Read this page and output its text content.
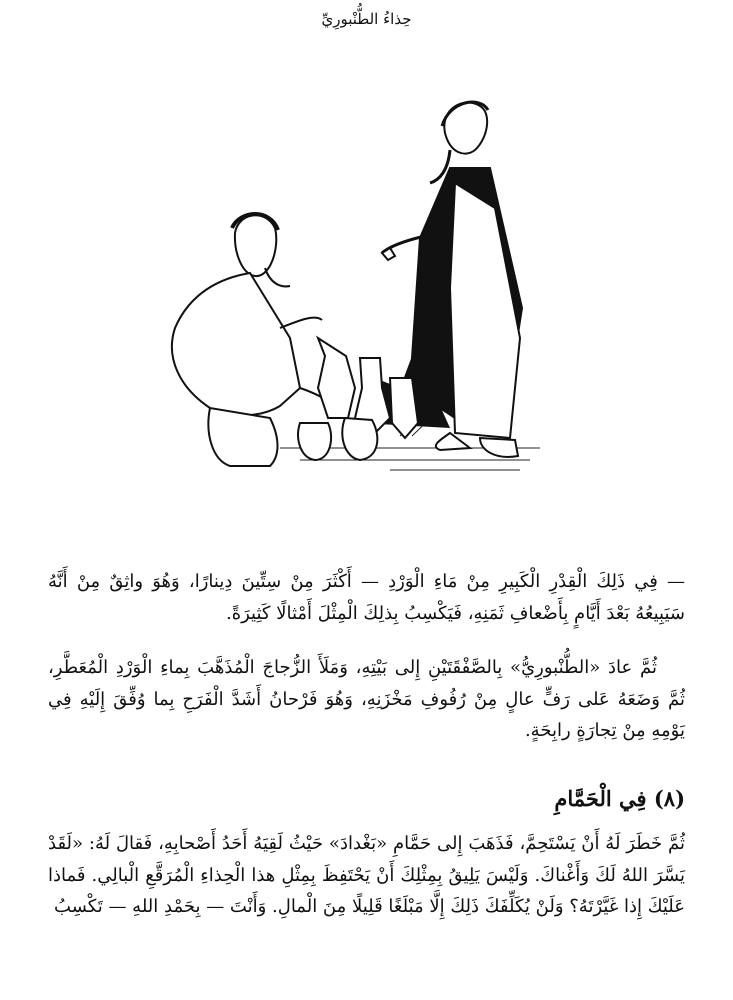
حِذاءُ الطُّنْبورِيِّ

— فِي ذَلِكَ الْقِدْرِ الْكَبِيرِ مِنْ مَاءِ الْوَرْدِ — أَكْثَرَ مِنْ سِتِّينَ دِينارًا، وَهُوَ واثِقٌ مِنْ أَنَّهُ سَيَبِيعُهُ بَعْدَ أَيَّامٍ بِأَضْعافِ ثَمَنِهِ، فَيَكْسِبُ بِذلِكَ الْمِثْلَ أَمْثالًا كَثِيرَةً.

ثُمَّ عادَ «الطُّنْبورِيُّ» بِالصَّفْقَتَيْنِ إِلى بَيْتِهِ، وَمَلَأَ الزُّجاجَ الْمُذَهَّبَ بِماءِ الْوَرْدِ الْمُعَطَّرِ، ثُمَّ وَضَعَهُ عَلى رَفٍّ عالٍ مِنْ رُفُوفِ مَخْزَنِهِ، وَهُوَ فَرْحانُ أَشَدَّ الْفَرَحِ بِما وُفِّقَ إِلَيْهِ فِي يَوْمِهِ مِنْ تِجارَةٍ رابِحَةٍ.

(٨) فِي الْحَمَّامِ

ثُمَّ خَطَرَ لَهُ أَنْ يَسْتَحِمَّ، فَذَهَبَ إِلى حَمَّامِ «بَغْدادَ» حَيْثُ لَقِيَهُ أَحَدُ أَصْحابِهِ، فَقالَ لَهُ: «لَقَدْ يَسَّرَ اللهُ لَكَ وَأَغْناكَ. وَلَيْسَ يَلِيقُ بِمِثْلِكَ أَنْ يَحْتَفِظَ بِمِثْلِ هذا الْحِذاءِ الْمُرَقَّعِ الْبالِي. فَماذا عَلَيْكَ إِذا غَيَّرْتَهُ؟ وَلَنْ يُكَلِّفَكَ ذَلِكَ إِلَّا مَبْلَغًا قَلِيلًا مِنَ الْمالِ. وَأَنْتَ — بِحَمْدِ اللهِ — تَكْسِبُ
